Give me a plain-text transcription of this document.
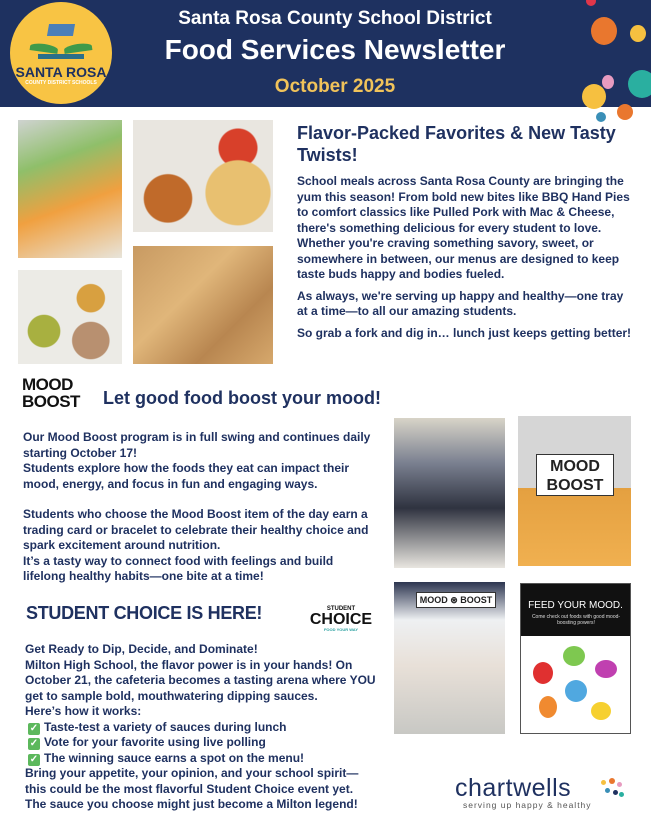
SANTA ROSA
COUNTY DISTRICT SCHOOLS
Santa Rosa County School District
Food Services Newsletter
October 2025
Flavor-Packed Favorites & New Tasty Twists!

School meals across Santa Rosa County are bringing the yum this season! From bold new bites like BBQ Hand Pies to comfort classics like Pulled Pork with Mac & Cheese, there's something delicious for every student to love. Whether you're craving something savory, sweet, or somewhere in between, our menus are designed to keep taste buds happy and bodies fueled.

As always, we're serving up happy and healthy—one tray at a time—to all our amazing students.

So grab a fork and dig in… lunch just keeps getting better!

MOOD
BOOST	Let good food boost your mood!
Our Mood Boost program is in full swing and continues daily starting October 17!
Students explore how the foods they eat can impact their mood, energy, and focus in fun and engaging ways.
Students who choose the Mood Boost item of the day earn a trading card or bracelet to celebrate their healthy choice and spark excitement around nutrition.
It’s a tasty way to connect food with feelings and build lifelong healthy habits—one bite at a time!
MOOD BOOST
MOOD ⊛ BOOST	FEED YOUR MOOD.
Come check out foods with good mood-boosting powers!
STUDENT CHOICE IS HERE!	STUDENT
CHOICE
FOOD YOUR WAY
Get Ready to Dip, Decide, and Dominate!
Milton High School, the flavor power is in your hands! On October 21, the cafeteria becomes a tasting arena where YOU get to sample bold, mouthwatering dipping sauces.
Here’s how it works:
✓ Taste-test a variety of sauces during lunch
✓ Vote for your favorite using live polling
✓ The winning sauce earns a spot on the menu!
Bring your appetite, your opinion, and your school spirit—this could be the most flavorful Student Choice event yet. The sauce you choose might just become a Milton legend!
chartwells
serving up happy & healthy
